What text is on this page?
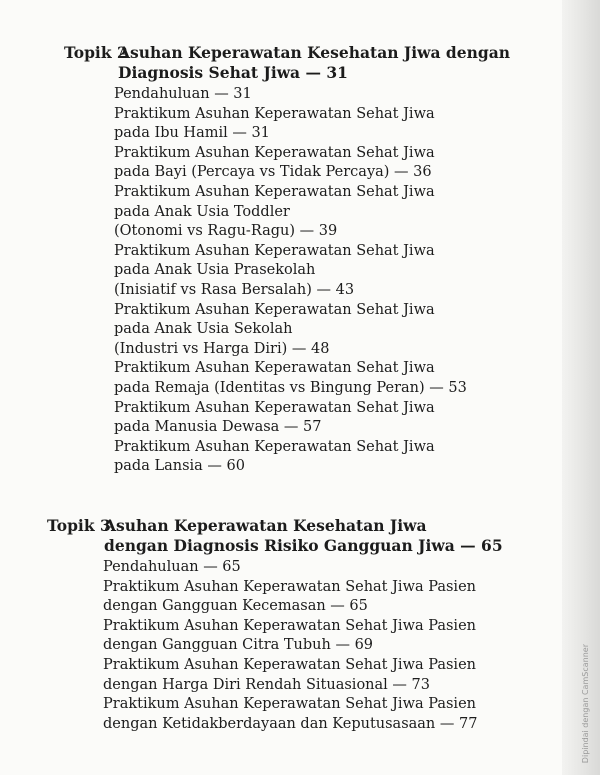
Dipindai dengan CamScanner
Topik 2
Asuhan Keperawatan Kesehatan Jiwa dengan
Diagnosis Sehat Jiwa — 31
Pendahuluan — 31
Praktikum Asuhan Keperawatan Sehat Jiwa
pada Ibu Hamil — 31
Praktikum Asuhan Keperawatan Sehat Jiwa
pada Bayi (Percaya vs Tidak Percaya) — 36
Praktikum Asuhan Keperawatan Sehat Jiwa
pada Anak Usia Toddler
(Otonomi vs Ragu-Ragu) — 39
Praktikum Asuhan Keperawatan Sehat Jiwa
pada Anak Usia Prasekolah
(Inisiatif vs Rasa Bersalah) — 43
Praktikum Asuhan Keperawatan Sehat Jiwa
pada Anak Usia Sekolah
(Industri vs Harga Diri) — 48
Praktikum Asuhan Keperawatan Sehat Jiwa
pada Remaja (Identitas vs Bingung Peran) — 53
Praktikum Asuhan Keperawatan Sehat Jiwa
pada Manusia Dewasa — 57
Praktikum Asuhan Keperawatan Sehat Jiwa
pada Lansia — 60
Topik 3
Asuhan Keperawatan Kesehatan Jiwa
dengan Diagnosis Risiko Gangguan Jiwa — 65
Pendahuluan — 65
Praktikum Asuhan Keperawatan Sehat Jiwa Pasien
dengan Gangguan Kecemasan — 65
Praktikum Asuhan Keperawatan Sehat Jiwa Pasien
dengan Gangguan Citra Tubuh — 69
Praktikum Asuhan Keperawatan Sehat Jiwa Pasien
dengan Harga Diri Rendah Situasional — 73
Praktikum Asuhan Keperawatan Sehat Jiwa Pasien
dengan Ketidakberdayaan dan Keputusasaan — 77
